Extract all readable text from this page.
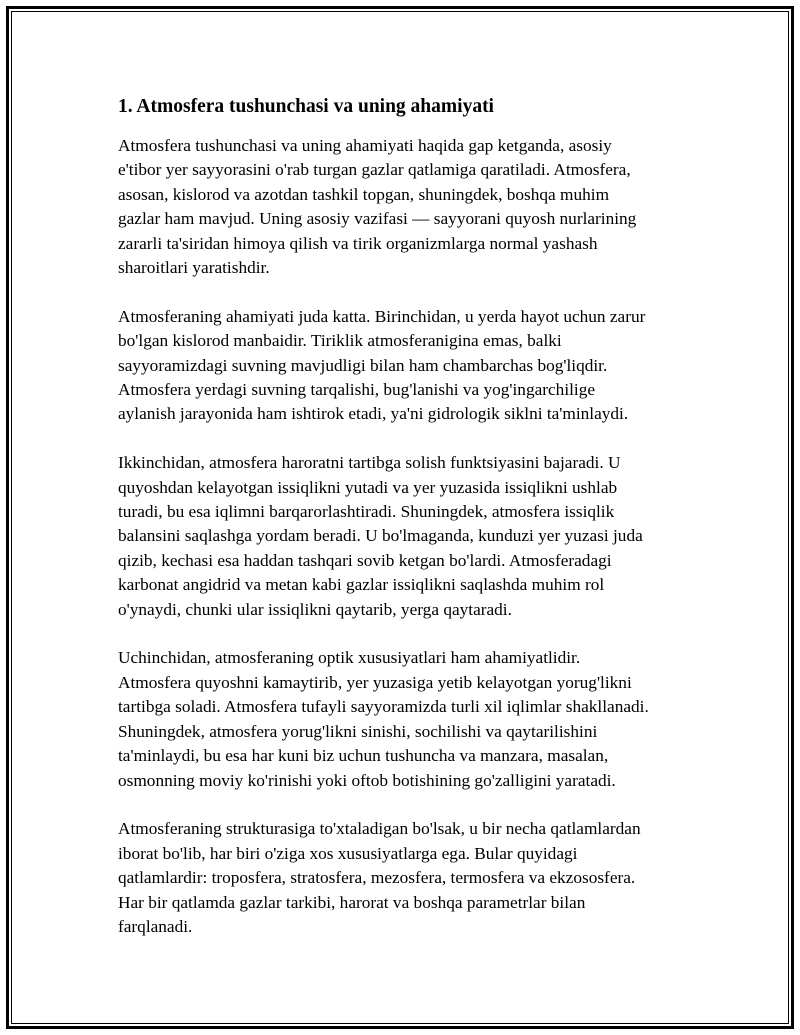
1. Atmosfera tushunchasi va uning ahamiyati

Atmosfera tushunchasi va uning ahamiyati haqida gap ketganda, asosiy
e'tibor yer sayyorasini o'rab turgan gazlar qatlamiga qaratiladi. Atmosfera,
asosan, kislorod va azotdan tashkil topgan, shuningdek, boshqa muhim
gazlar ham mavjud. Uning asosiy vazifasi — sayyorani quyosh nurlarining
zararli ta'siridan himoya qilish va tirik organizmlarga normal yashash
sharoitlari yaratishdir.

Atmosferaning ahamiyati juda katta. Birinchidan, u yerda hayot uchun zarur
bo'lgan kislorod manbaidir. Tiriklik atmosferanigina emas, balki
sayyoramizdagi suvning mavjudligi bilan ham chambarchas bog'liqdir.
Atmosfera yerdagi suvning tarqalishi, bug'lanishi va yog'ingarchilige
aylanish jarayonida ham ishtirok etadi, ya'ni gidrologik siklni ta'minlaydi.

Ikkinchidan, atmosfera haroratni tartibga solish funktsiyasini bajaradi. U
quyoshdan kelayotgan issiqlikni yutadi va yer yuzasida issiqlikni ushlab
turadi, bu esa iqlimni barqarorlashtiradi. Shuningdek, atmosfera issiqlik
balansini saqlashga yordam beradi. U bo'lmaganda, kunduzi yer yuzasi juda
qizib, kechasi esa haddan tashqari sovib ketgan bo'lardi. Atmosferadagi
karbonat angidrid va metan kabi gazlar issiqlikni saqlashda muhim rol
o'ynaydi, chunki ular issiqlikni qaytarib, yerga qaytaradi.

Uchinchidan, atmosferaning optik xususiyatlari ham ahamiyatlidir.
Atmosfera quyoshni kamaytirib, yer yuzasiga yetib kelayotgan yorug'likni
tartibga soladi. Atmosfera tufayli sayyoramizda turli xil iqlimlar shakllanadi.
Shuningdek, atmosfera yorug'likni sinishi, sochilishi va qaytarilishini
ta'minlaydi, bu esa har kuni biz uchun tushuncha va manzara, masalan,
osmonning moviy ko'rinishi yoki oftob botishining go'zalligini yaratadi.

Atmosferaning strukturasiga to'xtaladigan bo'lsak, u bir necha qatlamlardan
iborat bo'lib, har biri o'ziga xos xususiyatlarga ega. Bular quyidagi
qatlamlardir: troposfera, stratosfera, mezosfera, termosfera va ekzososfera.
Har bir qatlamda gazlar tarkibi, harorat va boshqa parametrlar bilan
farqlanadi.
